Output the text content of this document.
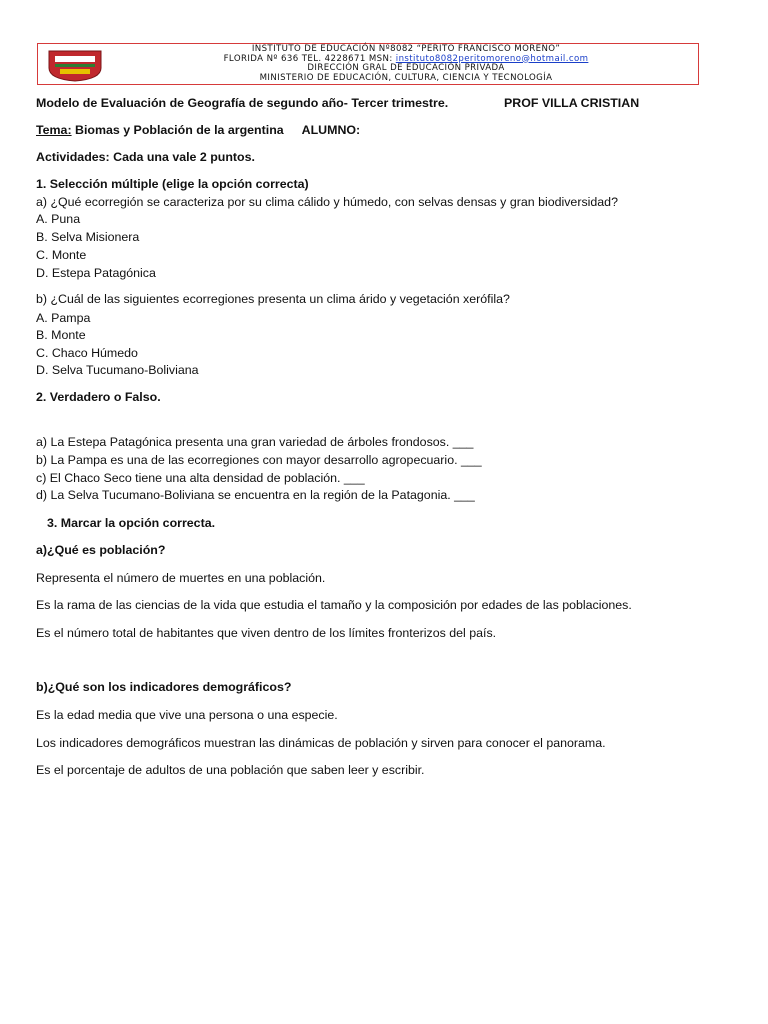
INSTITUTO DE EDUCACIÓN Nº8082 “PERITO FRANCISCO MORENO”
FLORIDA Nº 636 TEL. 4228671 MSN: instituto8082peritomoreno@hotmail.com
DIRECCIÓN GRAL DE EDUCACIÓN PRIVADA
MINISTERIO DE EDUCACIÓN, CULTURA, CIENCIA Y TECNOLOGÍA
Modelo de Evaluación de Geografía de segundo año- Tercer trimestre.	PROF VILLA CRISTIAN
Tema: Biomas y Población de la argentina ALUMNO:
Actividades: Cada una vale 2 puntos.
1. Selección múltiple (elige la opción correcta)
a) ¿Qué ecorregión se caracteriza por su clima cálido y húmedo, con selvas densas y gran biodiversidad?
A. Puna
B. Selva Misionera
C. Monte
D. Estepa Patagónica
b) ¿Cuál de las siguientes ecorregiones presenta un clima árido y vegetación xerófila?
A. Pampa
B. Monte
C. Chaco Húmedo
D. Selva Tucumano-Boliviana
2. Verdadero o Falso.
a) La Estepa Patagónica presenta una gran variedad de árboles frondosos. ___
b) La Pampa es una de las ecorregiones con mayor desarrollo agropecuario. ___
c) El Chaco Seco tiene una alta densidad de población. ___
d) La Selva Tucumano-Boliviana se encuentra en la región de la Patagonia. ___
3. Marcar la opción correcta.
a)¿Qué es población?
Representa el número de muertes en una población.
Es la rama de las ciencias de la vida que estudia el tamaño y la composición por edades de las poblaciones.
Es el número total de habitantes que viven dentro de los límites fronterizos del país.
b)¿Qué son los indicadores demográficos?
Es la edad media que vive una persona o una especie.
Los indicadores demográficos muestran las dinámicas de población y sirven para conocer el panorama.
Es el porcentaje de adultos de una población que saben leer y escribir.
